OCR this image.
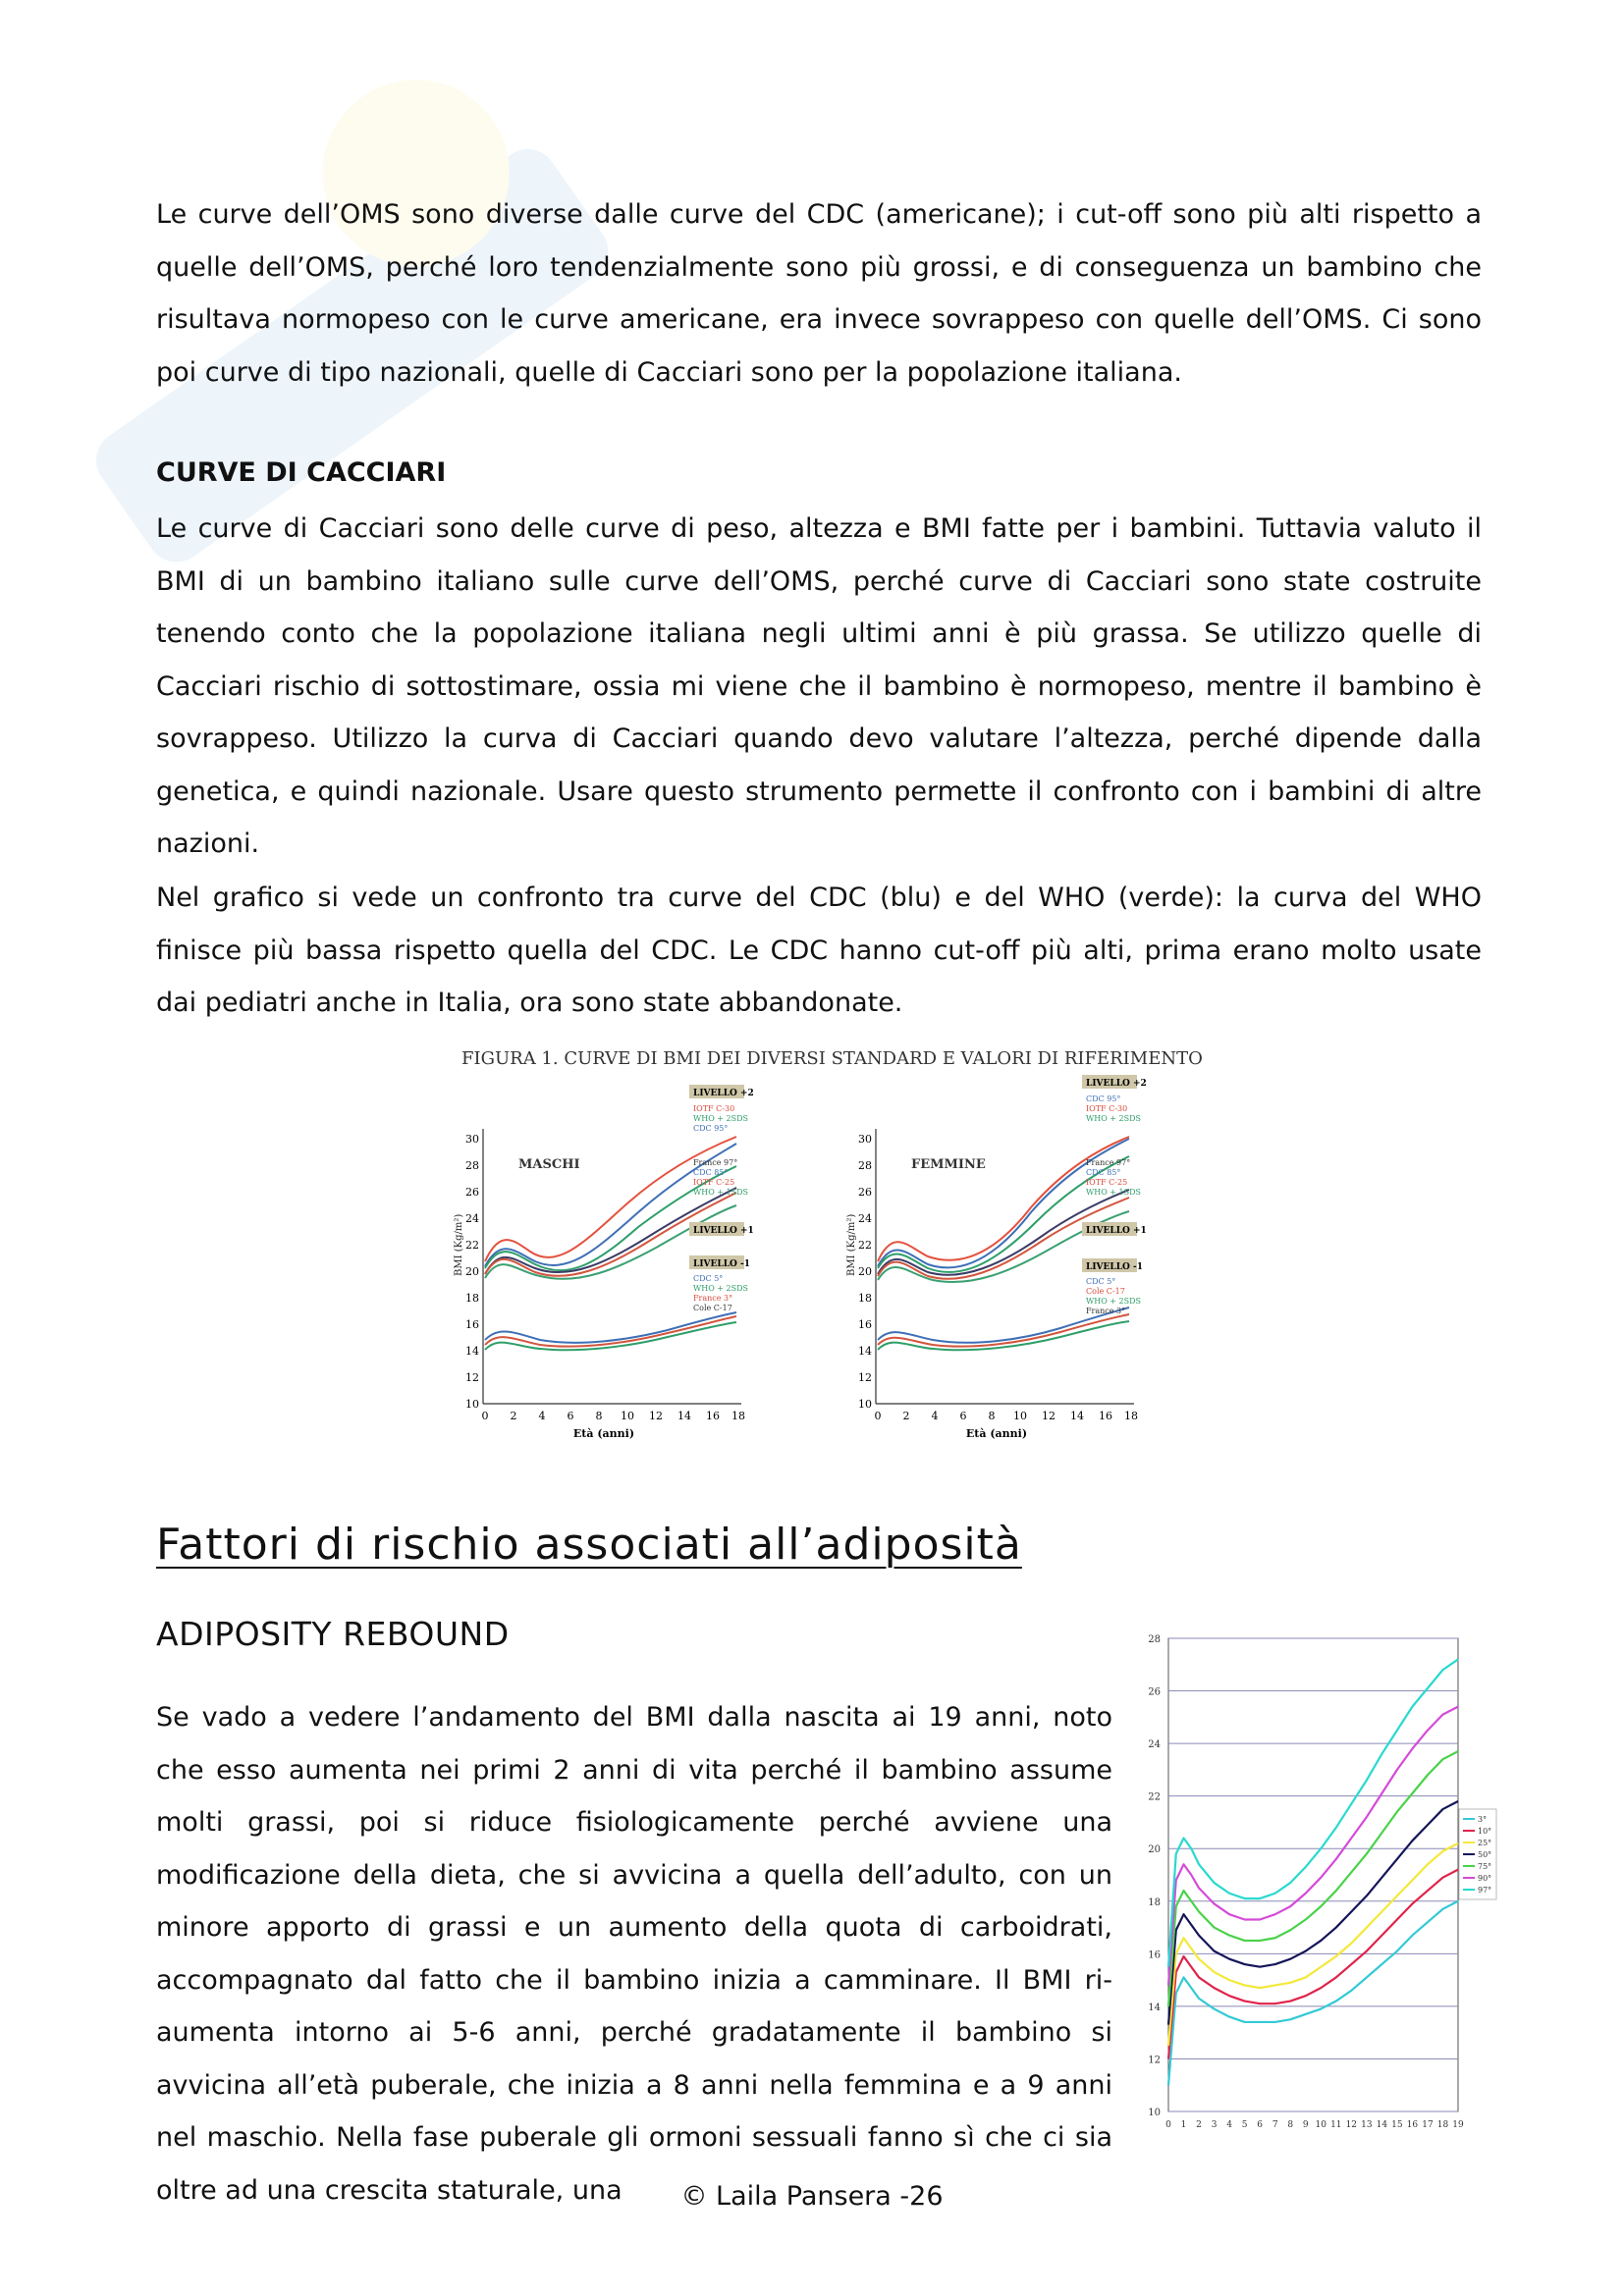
Le curve dell’OMS sono diverse dalle curve del CDC (americane); i cut-off sono più alti rispetto a quelle dell’OMS, perché loro tendenzialmente sono più grossi, e di conseguenza un bambino che risultava normopeso con le curve americane, era invece sovrappeso con quelle dell’OMS. Ci sono poi curve di tipo nazionali, quelle di Cacciari sono per la popolazione italiana.

CURVE DI CACCIARI

Le curve di Cacciari sono delle curve di peso, altezza e BMI fatte per i bambini. Tuttavia valuto il BMI di un bambino italiano sulle curve dell’OMS, perché curve di Cacciari sono state costruite tenendo conto che la popolazione italiana negli ultimi anni è più grassa. Se utilizzo quelle di Cacciari rischio di sottostimare, ossia mi viene che il bambino è normopeso, mentre il bambino è sovrappeso. Utilizzo la curva di Cacciari quando devo valutare l’altezza, perché dipende dalla genetica, e quindi nazionale. Usare questo strumento permette il confronto con i bambini di altre nazioni.

Nel grafico si vede un confronto tra curve del CDC (blu) e del WHO (verde): la curva del WHO finisce più bassa rispetto quella del CDC. Le CDC hanno cut-off più alti, prima erano molto usate dai pediatri anche in Italia, ora sono state abbandonate.

FIGURA 1. CURVE DI BMI DEI DIVERSI STANDARD E VALORI DI RIFERIMENTO
BMI (Kg/m²)
10
12
14
16
18
20
22
24
26
28
30
0 2 4 6 8 10 12 14 16 18
Età (anni)
MASCHI
LIVELLO +2
IOTF C-30
WHO + 2SDS
CDC 95°
France 97°
CDC 85°
IOTF C-25
WHO + 1SDS
LIVELLO +1
LIVELLO -1
CDC 5°
WHO + 2SDS
France 3°
Cole C-17
BMI (Kg/m²)
10
12
14
16
18
20
22
24
26
28
30
0 2 4 6 8 10 12 14 16 18
Età (anni)
FEMMINE
LIVELLO +2
CDC 95°
IOTF C-30
WHO + 2SDS
France 97°
CDC 85°
IOTF C-25
WHO + 1SDS
LIVELLO +1
LIVELLO -1
CDC 5°
Cole C-17
WHO + 2SDS
France 3°
Fattori di rischio associati all’adiposità
ADIPOSITY REBOUND

Se vado a vedere l’andamento del BMI dalla nascita ai 19 anni, noto che esso aumenta nei primi 2 anni di vita perché il bambino assume molti grassi, poi si riduce fisiologicamente perché avviene una modificazione della dieta, che si avvicina a quella dell’adulto, con un minore apporto di grassi e un aumento della quota di carboidrati, accompagnato dal fatto che il bambino inizia a camminare. Il BMI ri-aumenta intorno ai 5-6 anni, perché gradatamente il bambino si avvicina all’età puberale, che inizia a 8 anni nella femmina e a 9 anni nel maschio. Nella fase puberale gli ormoni sessuali fanno sì che ci sia oltre ad una crescita staturale, una

10
12
14
16
18
20
22
24
26
28
0 1 2 3 4 5 6 7 8 9 10 11 12 13 14 15 16 17 18 19
3°
10°
25°
50°
75°
90°
97°
© Laila Pansera -26
